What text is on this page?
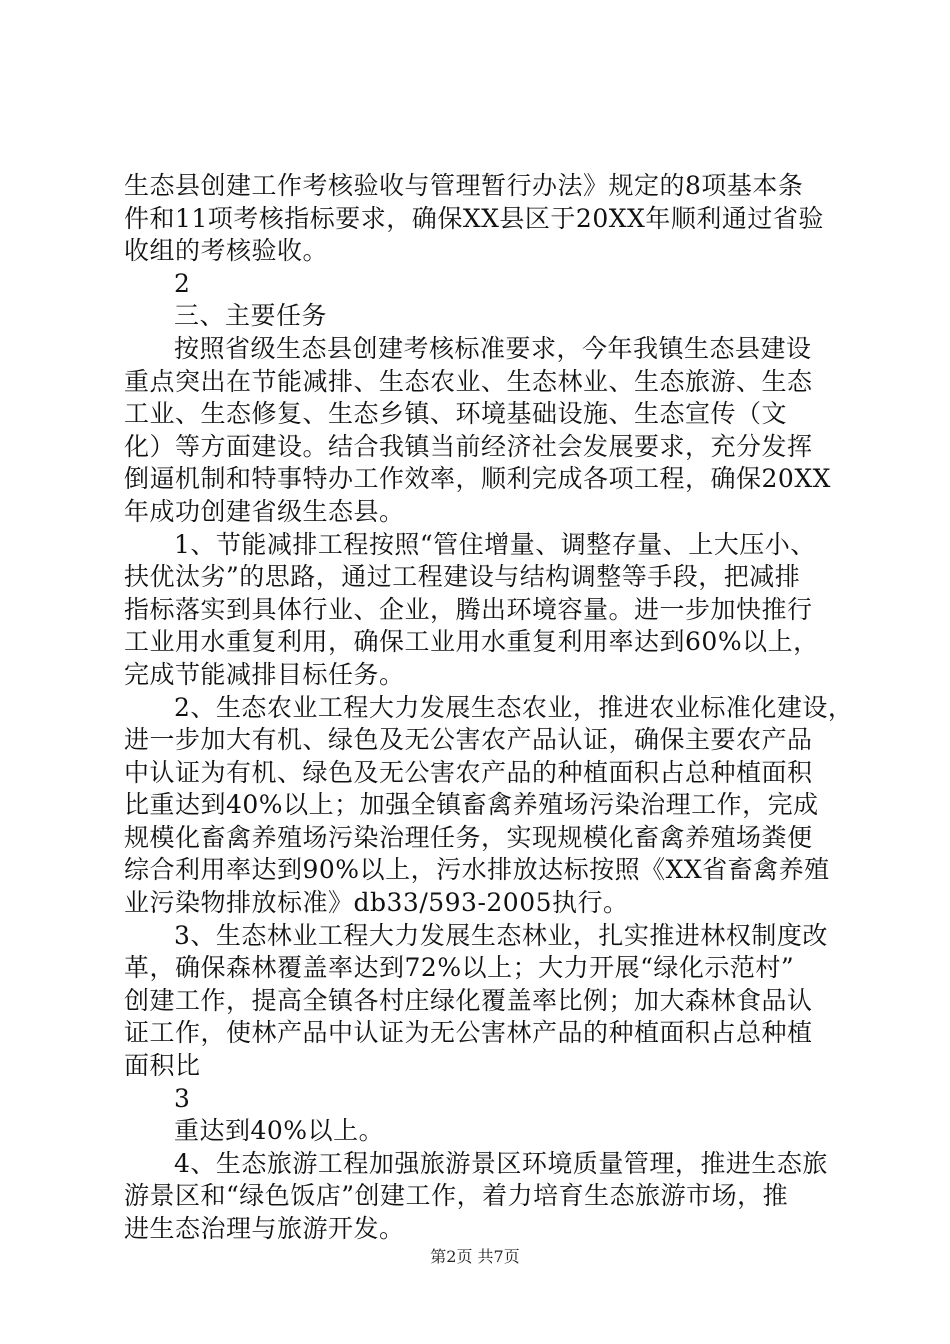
生态县创建工作考核验收与管理暂行办法》规定的8项基本条
件和11项考核指标要求，确保XX县区于20XX年顺利通过省验
收组的考核验收。
2
三、主要任务
按照省级生态县创建考核标准要求，今年我镇生态县建设
重点突出在节能减排、生态农业、生态林业、生态旅游、生态
工业、生态修复、生态乡镇、环境基础设施、生态宣传（文
化）等方面建设。结合我镇当前经济社会发展要求，充分发挥
倒逼机制和特事特办工作效率，顺利完成各项工程，确保20XX
年成功创建省级生态县。
1、节能减排工程按照“管住增量、调整存量、上大压小、
扶优汰劣”的思路，通过工程建设与结构调整等手段，把减排
指标落实到具体行业、企业，腾出环境容量。进一步加快推行
工业用水重复利用，确保工业用水重复利用率达到60%以上，
完成节能减排目标任务。
2、生态农业工程大力发展生态农业，推进农业标准化建设，
进一步加大有机、绿色及无公害农产品认证，确保主要农产品
中认证为有机、绿色及无公害农产品的种植面积占总种植面积
比重达到40%以上；加强全镇畜禽养殖场污染治理工作，完成
规模化畜禽养殖场污染治理任务，实现规模化畜禽养殖场粪便
综合利用率达到90%以上，污水排放达标按照《XX省畜禽养殖
业污染物排放标准》db33/593-2005执行。
3、生态林业工程大力发展生态林业，扎实推进林权制度改
革，确保森林覆盖率达到72%以上；大力开展“绿化示范村”
创建工作，提高全镇各村庄绿化覆盖率比例；加大森林食品认
证工作，使林产品中认证为无公害林产品的种植面积占总种植
面积比
3
重达到40%以上。
4、生态旅游工程加强旅游景区环境质量管理，推进生态旅
游景区和“绿色饭店”创建工作，着力培育生态旅游市场，推
进生态治理与旅游开发。
第2页 共7页
